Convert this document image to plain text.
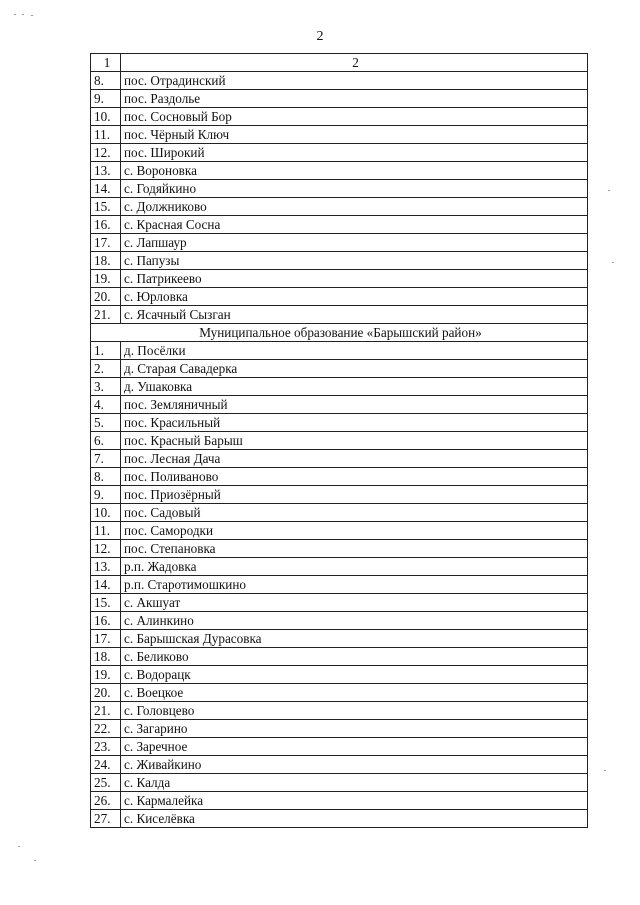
2
1	2
8.	пос. Отрадинский
9.	пос. Раздолье
10.	пос. Сосновый Бор
11.	пос. Чёрный Ключ
12.	пос. Широкий
13.	с. Вороновка
14.	с. Годяйкино
15.	с. Должниково
16.	с. Красная Сосна
17.	с. Лапшаур
18.	с. Папузы
19.	с. Патрикеево
20.	с. Юрловка
21.	с. Ясачный Сызган
Муниципальное образование «Барышский район»	
1.	д. Посёлки
2.	д. Старая Савадерка
3.	д. Ушаковка
4.	пос. Земляничный
5.	пос. Красильный
6.	пос. Красный Барыш
7.	пос. Лесная Дача
8.	пос. Поливаново
9.	пос. Приозёрный
10.	пос. Садовый
11.	пос. Самородки
12.	пос. Степановка
13.	р.п. Жадовка
14.	р.п. Старотимошкино
15.	с. Акшуат
16.	с. Алинкино
17.	с. Барышская Дурасовка
18.	с. Беликово
19.	с. Водорацк
20.	с. Воецкое
21.	с. Головцево
22.	с. Загарино
23.	с. Заречное
24.	с. Живайкино
25.	с. Калда
26.	с. Кармалейка
27.	с. Киселёвка
